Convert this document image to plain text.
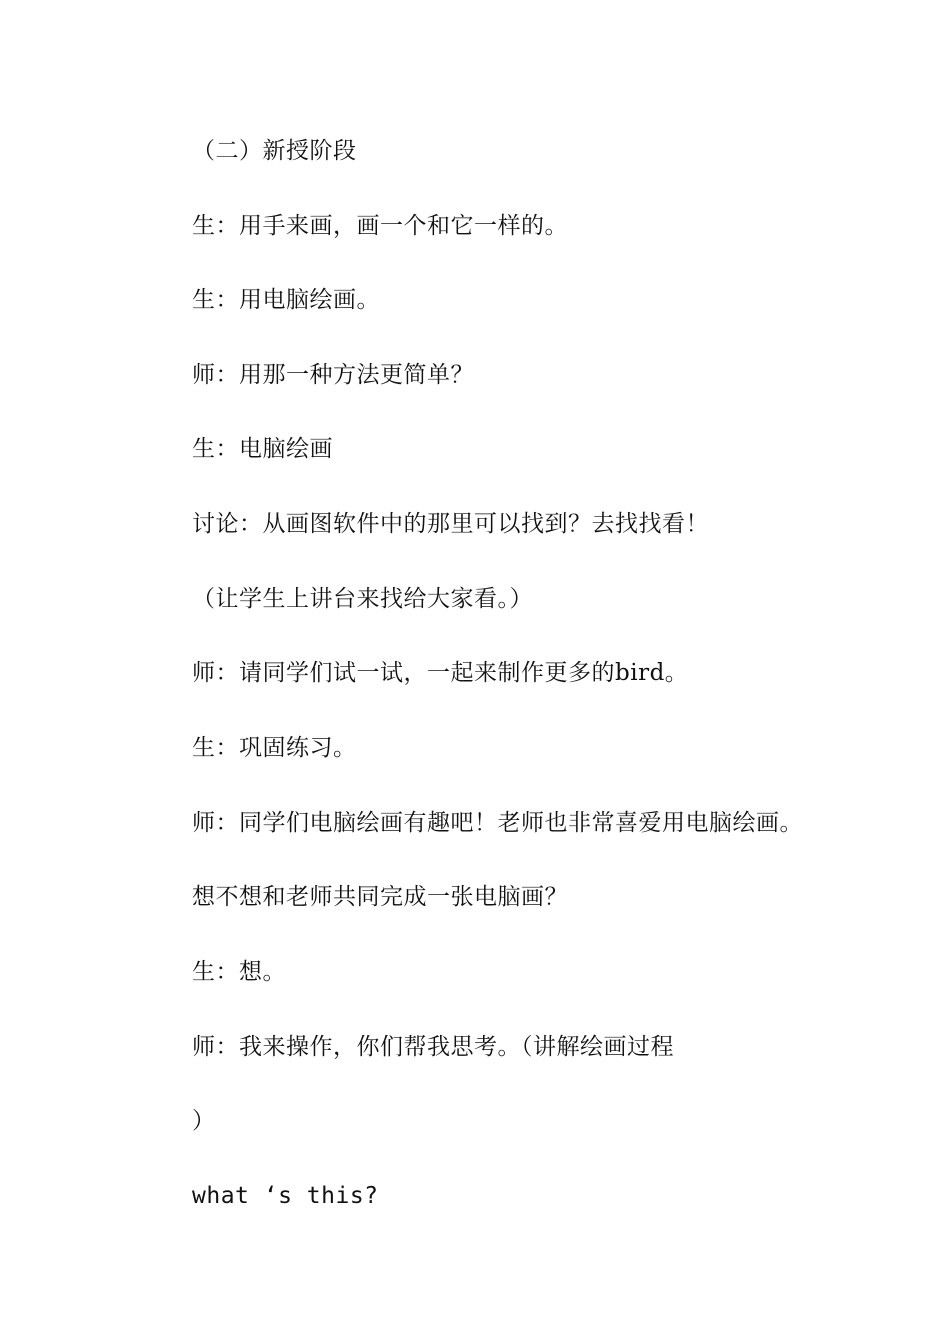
（二）新授阶段

生：用手来画，画一个和它一样的。

生：用电脑绘画。

师：用那一种方法更简单？

生：电脑绘画

讨论：从画图软件中的那里可以找到？去找找看！

（让学生上讲台来找给大家看。）

师：请同学们试一试，一起来制作更多的bird。

生：巩固练习。

师：同学们电脑绘画有趣吧！老师也非常喜爱用电脑绘画。

想不想和老师共同完成一张电脑画？

生：想。

师：我来操作，你们帮我思考。（讲解绘画过程

）

what ‘s this?
